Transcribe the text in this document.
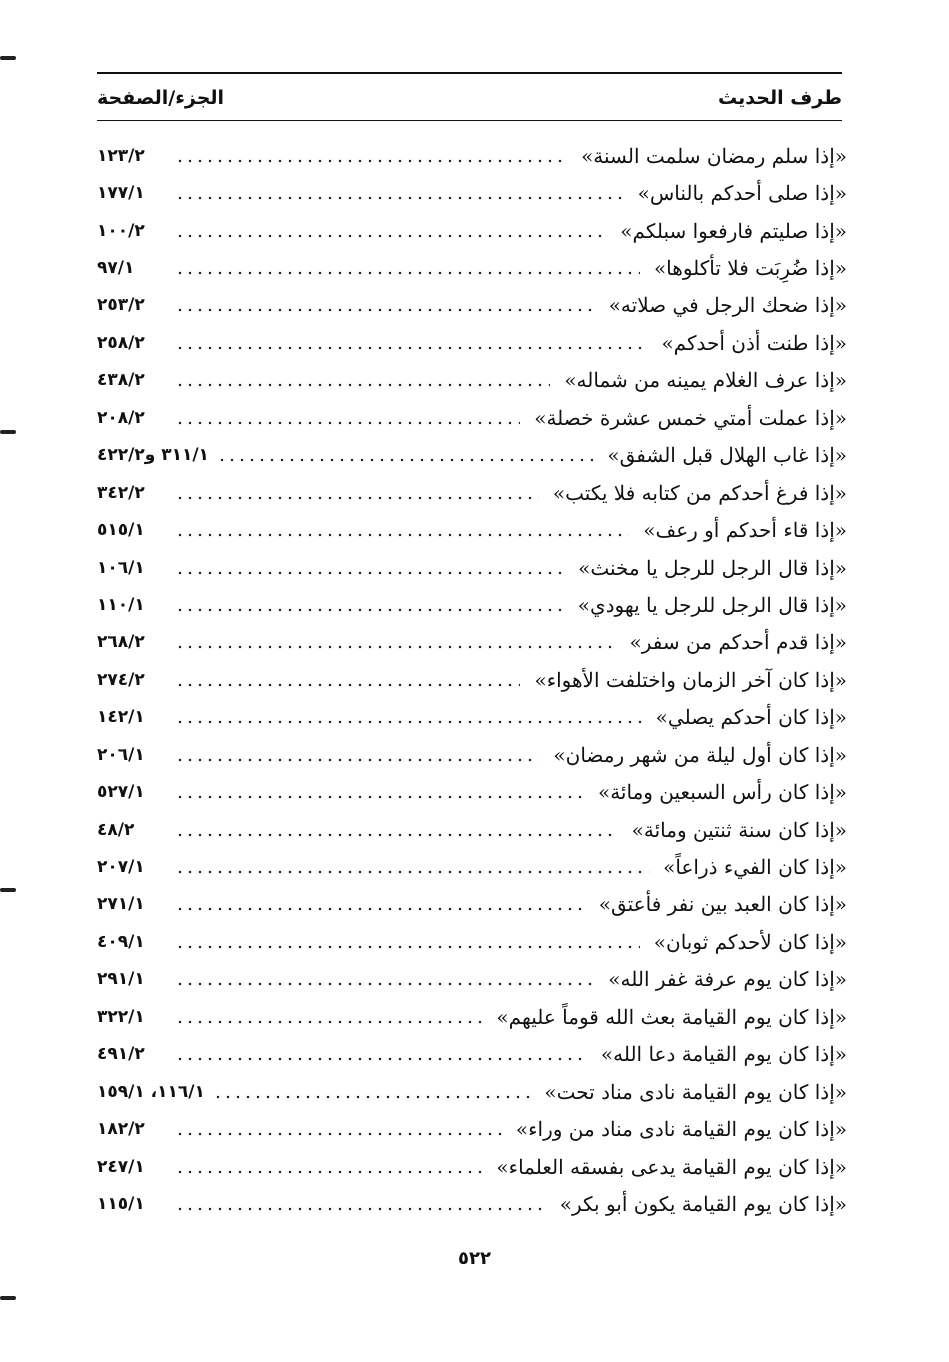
طرف الحديث
الجزء/الصفحة
«إذا سلم رمضان سلمت السنة»
١٢٣/٢
«إذا صلى أحدكم بالناس»
١٧٧/١
«إذا صليتم فارفعوا سبلكم»
١٠٠/٢
«إذا ضُرِبَت فلا تأكلوها»
٩٧/١
«إذا ضحك الرجل في صلاته»
٢٥٣/٢
«إذا طنت أذن أحدكم»
٢٥٨/٢
«إذا عرف الغلام يمينه من شماله»
٤٣٨/٢
«إذا عملت أمتي خمس عشرة خصلة»
٢٠٨/٢
«إذا غاب الهلال قبل الشفق»
٣١١/١ و٤٢٢/٢
«إذا فرغ أحدكم من كتابه فلا يكتب»
٣٤٢/٢
«إذا قاء أحدكم أو رعف»
٥١٥/١
«إذا قال الرجل للرجل يا مخنث»
١٠٦/١
«إذا قال الرجل للرجل يا يهودي»
١١٠/١
«إذا قدم أحدكم من سفر»
٢٦٨/٢
«إذا كان آخر الزمان واختلفت الأهواء»
٢٧٤/٢
«إذا كان أحدكم يصلي»
١٤٢/١
«إذا كان أول ليلة من شهر رمضان»
٢٠٦/١
«إذا كان رأس السبعين ومائة»
٥٢٧/١
«إذا كان سنة ثنتين ومائة»
٤٨/٢
«إذا كان الفيء ذراعاً»
٢٠٧/١
«إذا كان العبد بين نفر فأعتق»
٢٧١/١
«إذا كان لأحدكم ثوبان»
٤٠٩/١
«إذا كان يوم عرفة غفر الله»
٢٩١/١
«إذا كان يوم القيامة بعث الله قوماً عليهم»
٣٢٢/١
«إذا كان يوم القيامة دعا الله»
٤٩١/٢
«إذا كان يوم القيامة نادى مناد تحت»
١١٦/١، ١٥٩/١
«إذا كان يوم القيامة نادى مناد من وراء»
١٨٢/٢
«إذا كان يوم القيامة يدعى بفسقه العلماء»
٢٤٧/١
«إذا كان يوم القيامة يكون أبو بكر»
١١٥/١
٥٢٢
